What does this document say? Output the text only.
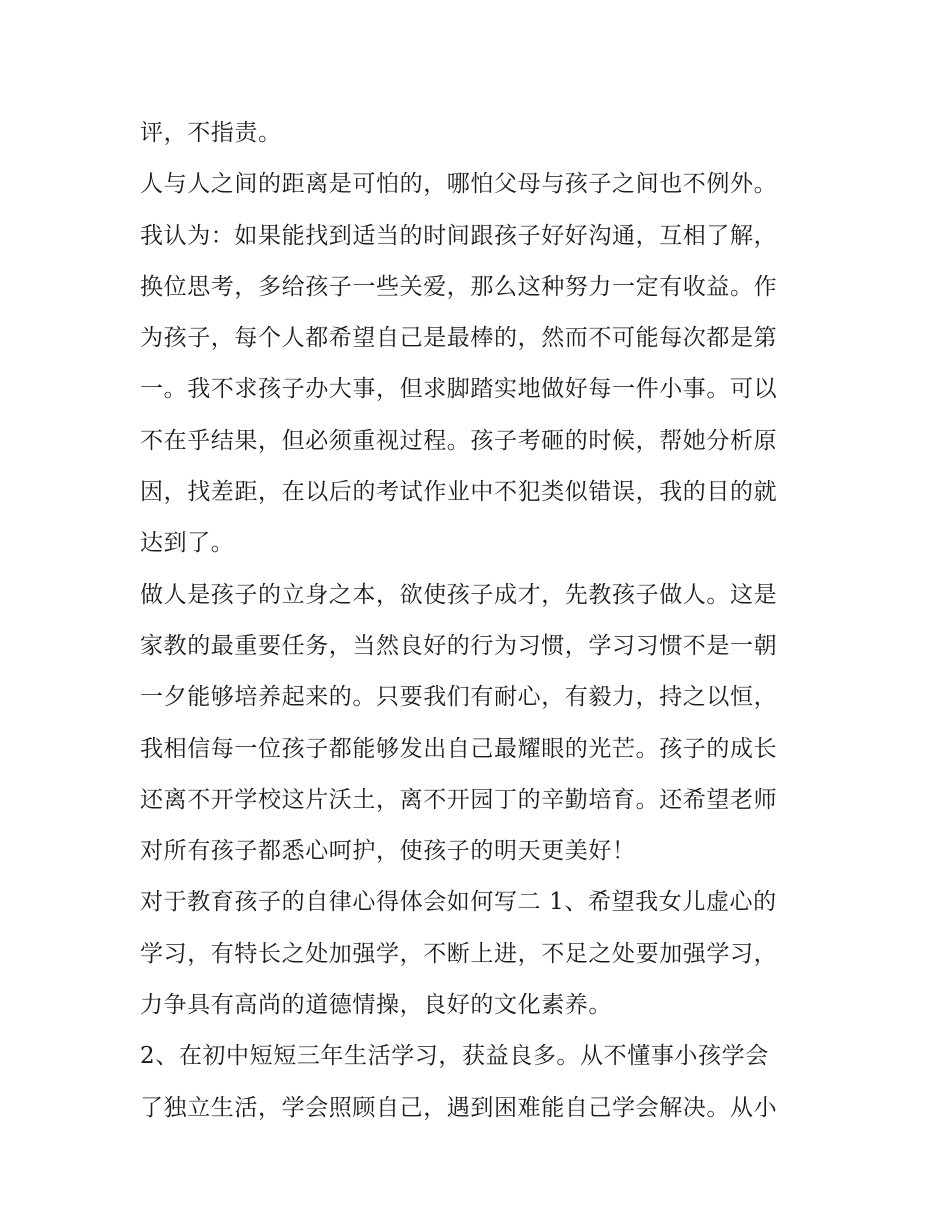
评，不指责。
人与人之间的距离是可怕的，哪怕父母与孩子之间也不例外。
我认为：如果能找到适当的时间跟孩子好好沟通，互相了解，
换位思考，多给孩子一些关爱，那么这种努力一定有收益。作
为孩子，每个人都希望自己是最棒的，然而不可能每次都是第
一。我不求孩子办大事，但求脚踏实地做好每一件小事。可以
不在乎结果，但必须重视过程。孩子考砸的时候，帮她分析原
因，找差距，在以后的考试作业中不犯类似错误，我的目的就
达到了。
做人是孩子的立身之本，欲使孩子成才，先教孩子做人。这是
家教的最重要任务，当然良好的行为习惯，学习习惯不是一朝
一夕能够培养起来的。只要我们有耐心，有毅力，持之以恒，
我相信每一位孩子都能够发出自己最耀眼的光芒。孩子的成长
还离不开学校这片沃土，离不开园丁的辛勤培育。还希望老师
对所有孩子都悉心呵护，使孩子的明天更美好！
对于教育孩子的自律心得体会如何写二 1、希望我女儿虚心的
学习，有特长之处加强学，不断上进，不足之处要加强学习，
力争具有高尚的道德情操，良好的文化素养。
2、在初中短短三年生活学习，获益良多。从不懂事小孩学会
了独立生活，学会照顾自己，遇到困难能自己学会解决。从小
